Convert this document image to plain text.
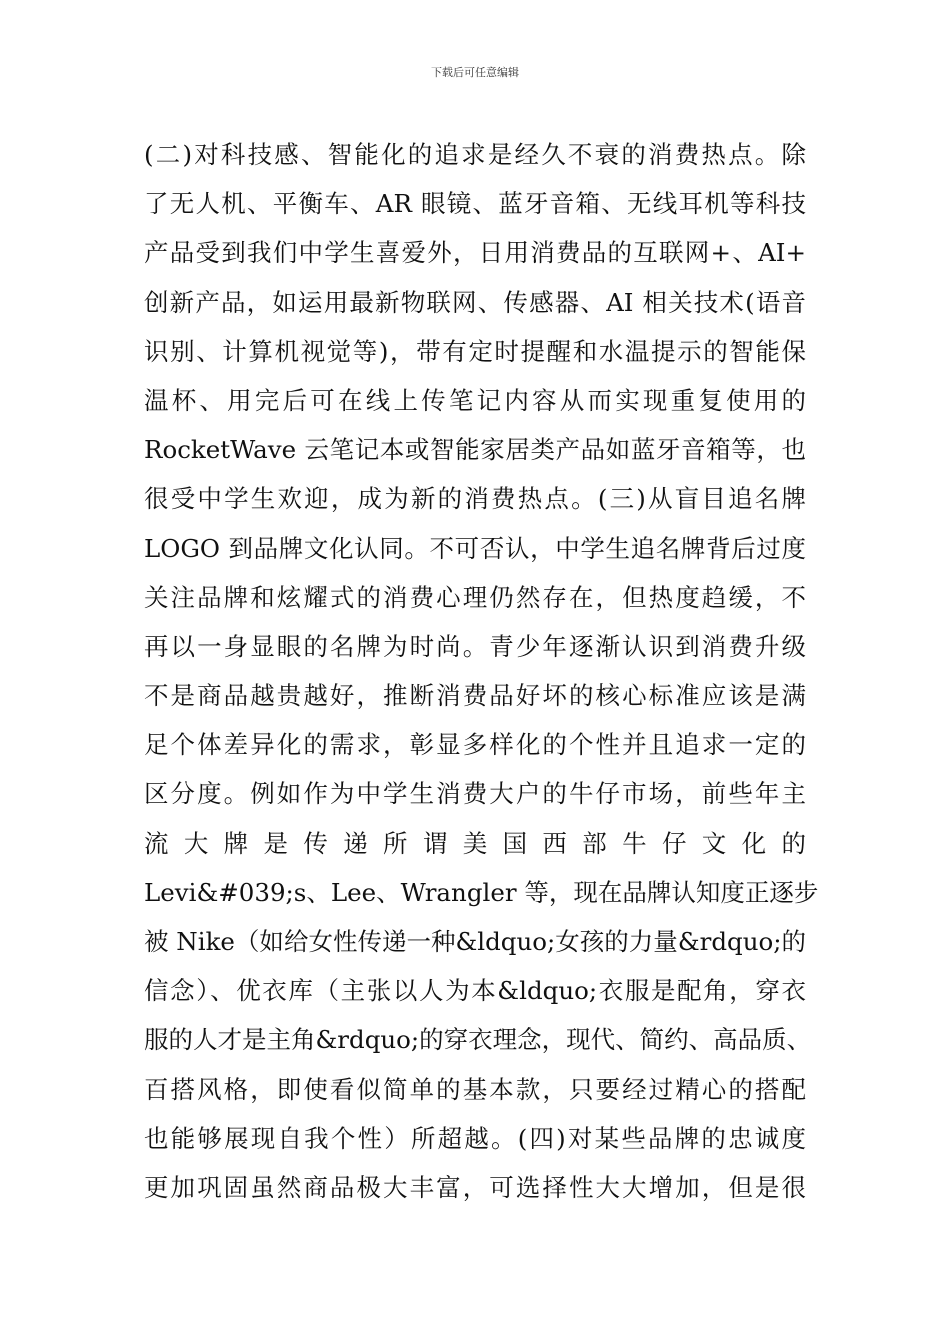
下载后可任意编辑
(二)对科技感、智能化的追求是经久不衰的消费热点。除
了无人机、平衡车、AR 眼镜、蓝牙音箱、无线耳机等科技
产品受到我们中学生喜爱外，日用消费品的互联网+、AI+
创新产品，如运用最新物联网、传感器、AI 相关技术(语音
识别、计算机视觉等)，带有定时提醒和水温提示的智能保
温杯、用完后可在线上传笔记内容从而实现重复使用的
RocketWave 云笔记本或智能家居类产品如蓝牙音箱等，也
很受中学生欢迎，成为新的消费热点。(三)从盲目追名牌
LOGO 到品牌文化认同。不可否认，中学生追名牌背后过度
关注品牌和炫耀式的消费心理仍然存在，但热度趋缓，不
再以一身显眼的名牌为时尚。青少年逐渐认识到消费升级
不是商品越贵越好，推断消费品好坏的核心标准应该是满
足个体差异化的需求，彰显多样化的个性并且追求一定的
区分度。例如作为中学生消费大户的牛仔市场，前些年主
流 大 牌 是 传 递 所 谓 美 国 西 部 牛 仔 文 化 的
Levi&#039;s、Lee、Wrangler 等，现在品牌认知度正逐步
被 Nike（如给女性传递一种&ldquo;女孩的力量&rdquo;的
信念）、优衣库（主张以人为本&ldquo;衣服是配角，穿衣
服的人才是主角&rdquo;的穿衣理念，现代、简约、高品质、
百搭风格，即使看似简单的基本款，只要经过精心的搭配
也能够展现自我个性）所超越。(四)对某些品牌的忠诚度
更加巩固虽然商品极大丰富，可选择性大大增加，但是很
